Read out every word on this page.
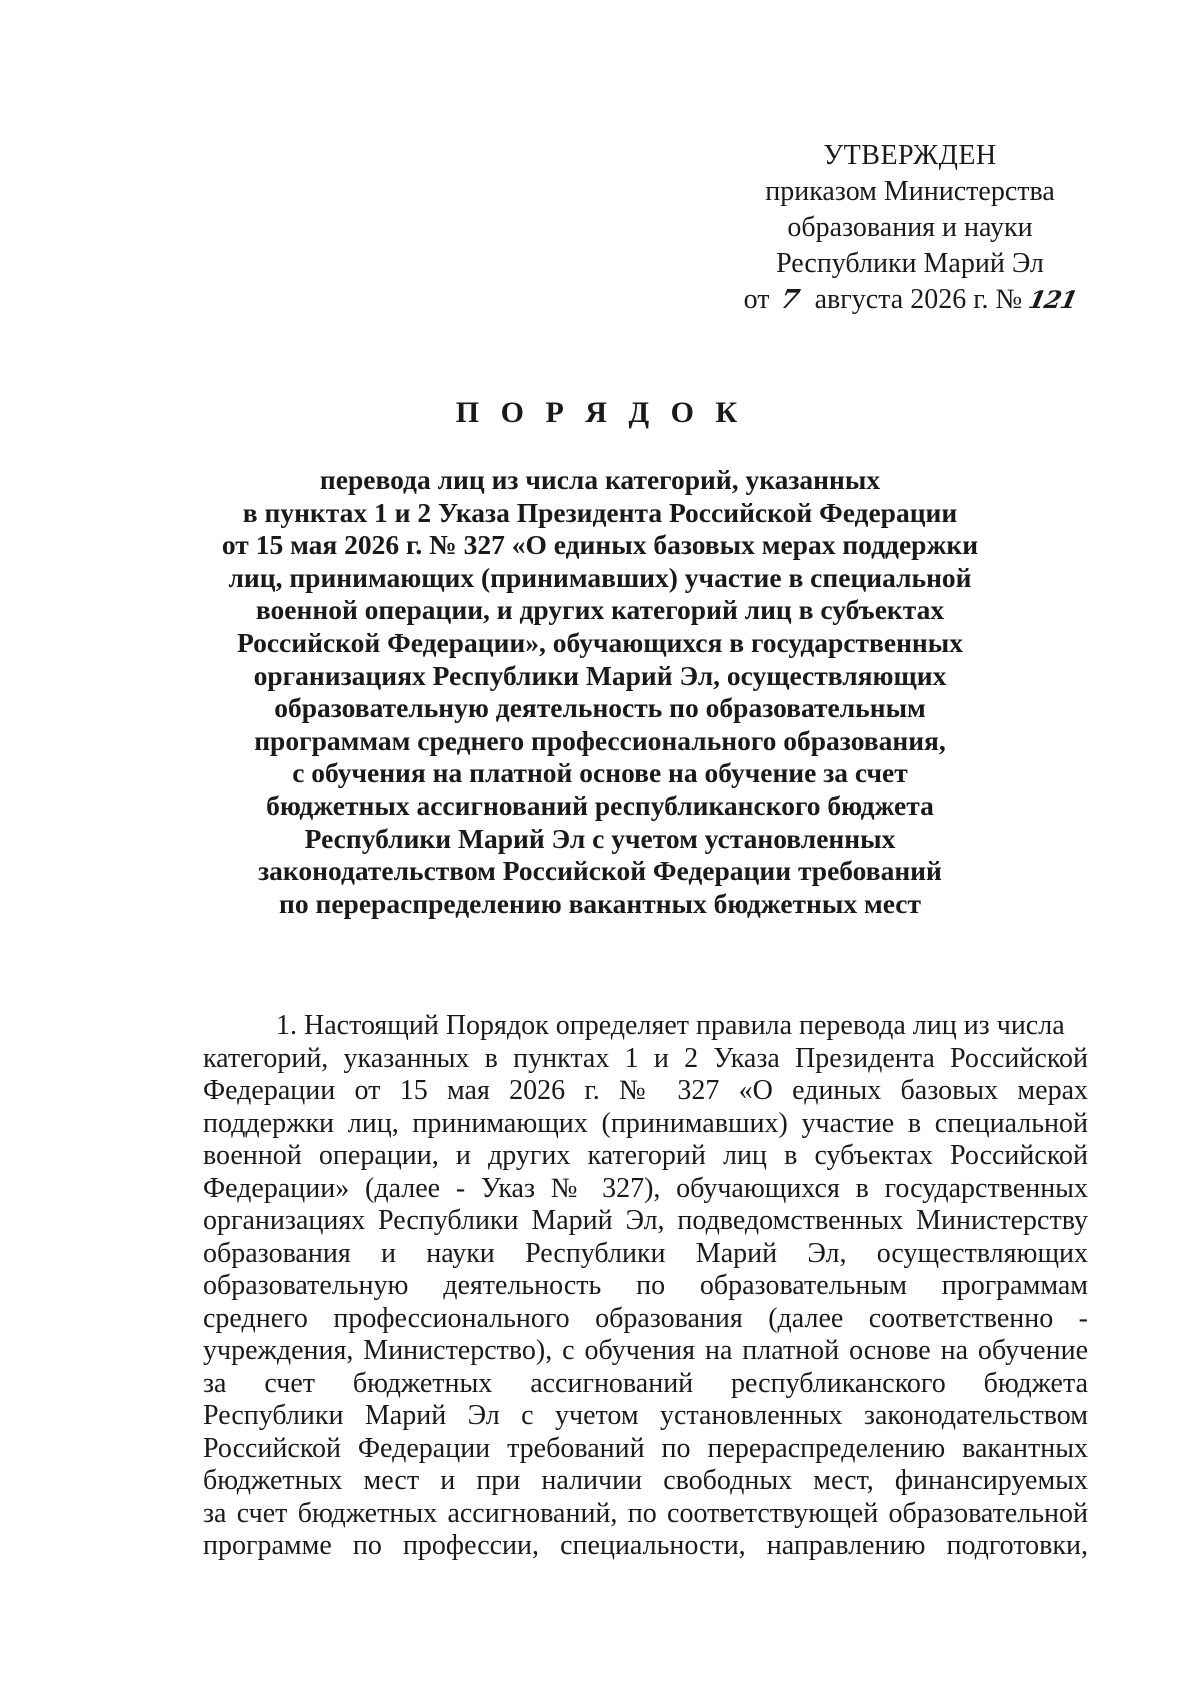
УТВЕРЖДЕН
приказом Министерства
образования и науки
Республики Марий Эл
от 7 августа 2026 г. № 121
П О Р Я Д О К
перевода лиц из числа категорий, указанных
в пунктах 1 и 2 Указа Президента Российской Федерации
от 15 мая 2026 г. № 327 «О единых базовых мерах поддержки
лиц, принимающих (принимавших) участие в специальной
военной операции, и других категорий лиц в субъектах
Российской Федерации», обучающихся в государственных
организациях Республики Марий Эл, осуществляющих
образовательную деятельность по образовательным
программам среднего профессионального образования,
с обучения на платной основе на обучение за счет
бюджетных ассигнований республиканского бюджета
Республики Марий Эл с учетом установленных
законодательством Российской Федерации требований
по перераспределению вакантных бюджетных мест
1. Настоящий Порядок определяет правила перевода лиц из числа
категорий, указанных в пунктах 1 и 2 Указа Президента Российской
Федерации от 15 мая 2026 г. № 327 «О единых базовых мерах
поддержки лиц, принимающих (принимавших) участие в специальной
военной операции, и других категорий лиц в субъектах Российской
Федерации» (далее - Указ № 327), обучающихся в государственных
организациях Республики Марий Эл, подведомственных Министерству
образования и науки Республики Марий Эл, осуществляющих
образовательную деятельность по образовательным программам
среднего профессионального образования (далее соответственно -
учреждения, Министерство), с обучения на платной основе на обучение
за счет бюджетных ассигнований республиканского бюджета
Республики Марий Эл с учетом установленных законодательством
Российской Федерации требований по перераспределению вакантных
бюджетных мест и при наличии свободных мест, финансируемых
за счет бюджетных ассигнований, по соответствующей образовательной
программе по профессии, специальности, направлению подготовки,
